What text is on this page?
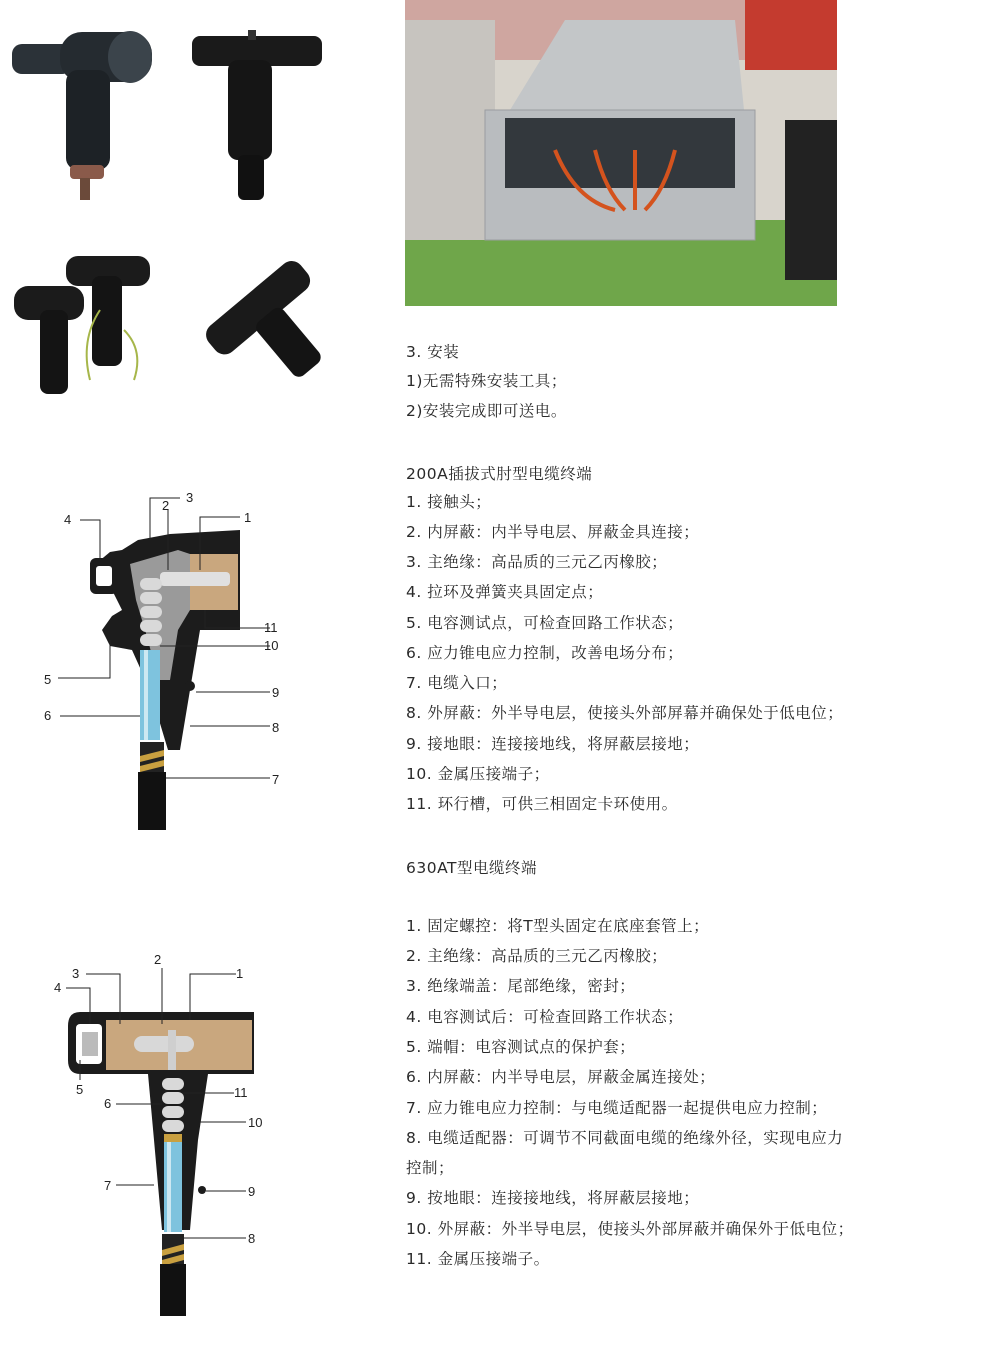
3. 安装
1)无需特殊安装工具；
2)安装完成即可送电。
200A插拔式肘型电缆终端
1. 接触头；
2. 内屏蔽：内半导电层、屏蔽金具连接；
3. 主绝缘：高品质的三元乙丙橡胶；
4. 拉环及弹簧夹具固定点；
5. 电容测试点，可检查回路工作状态；
6. 应力锥电应力控制，改善电场分布；
7. 电缆入口；
8. 外屏蔽：外半导电层，使接头外部屏幕并确保处于低电位；
9. 接地眼：连接接地线，将屏蔽层接地；
10. 金属压接端子；
11. 环行槽，可供三相固定卡环使用。
3
2
1
4
5
6
7
8
9
10
11
630AT型电缆终端
1. 固定螺控：将T型头固定在底座套管上；
2. 主绝缘：高品质的三元乙丙橡胶；
3. 绝缘端盖：尾部绝缘，密封；
4. 电容测试后：可检查回路工作状态；
5. 端帽：电容测试点的保护套；
6. 内屏蔽：内半导电层，屏蔽金属连接处；
7. 应力锥电应力控制：与电缆适配器一起提供电应力控制；
8. 电缆适配器：可调节不同截面电缆的绝缘外径，实现电应力
控制；
9. 按地眼：连接接地线，将屏蔽层接地；
10. 外屏蔽：外半导电层，使接头外部屏蔽并确保外于低电位；
11. 金属压接端子。
3
2
1
4
5
6
7
8
9
10
11
